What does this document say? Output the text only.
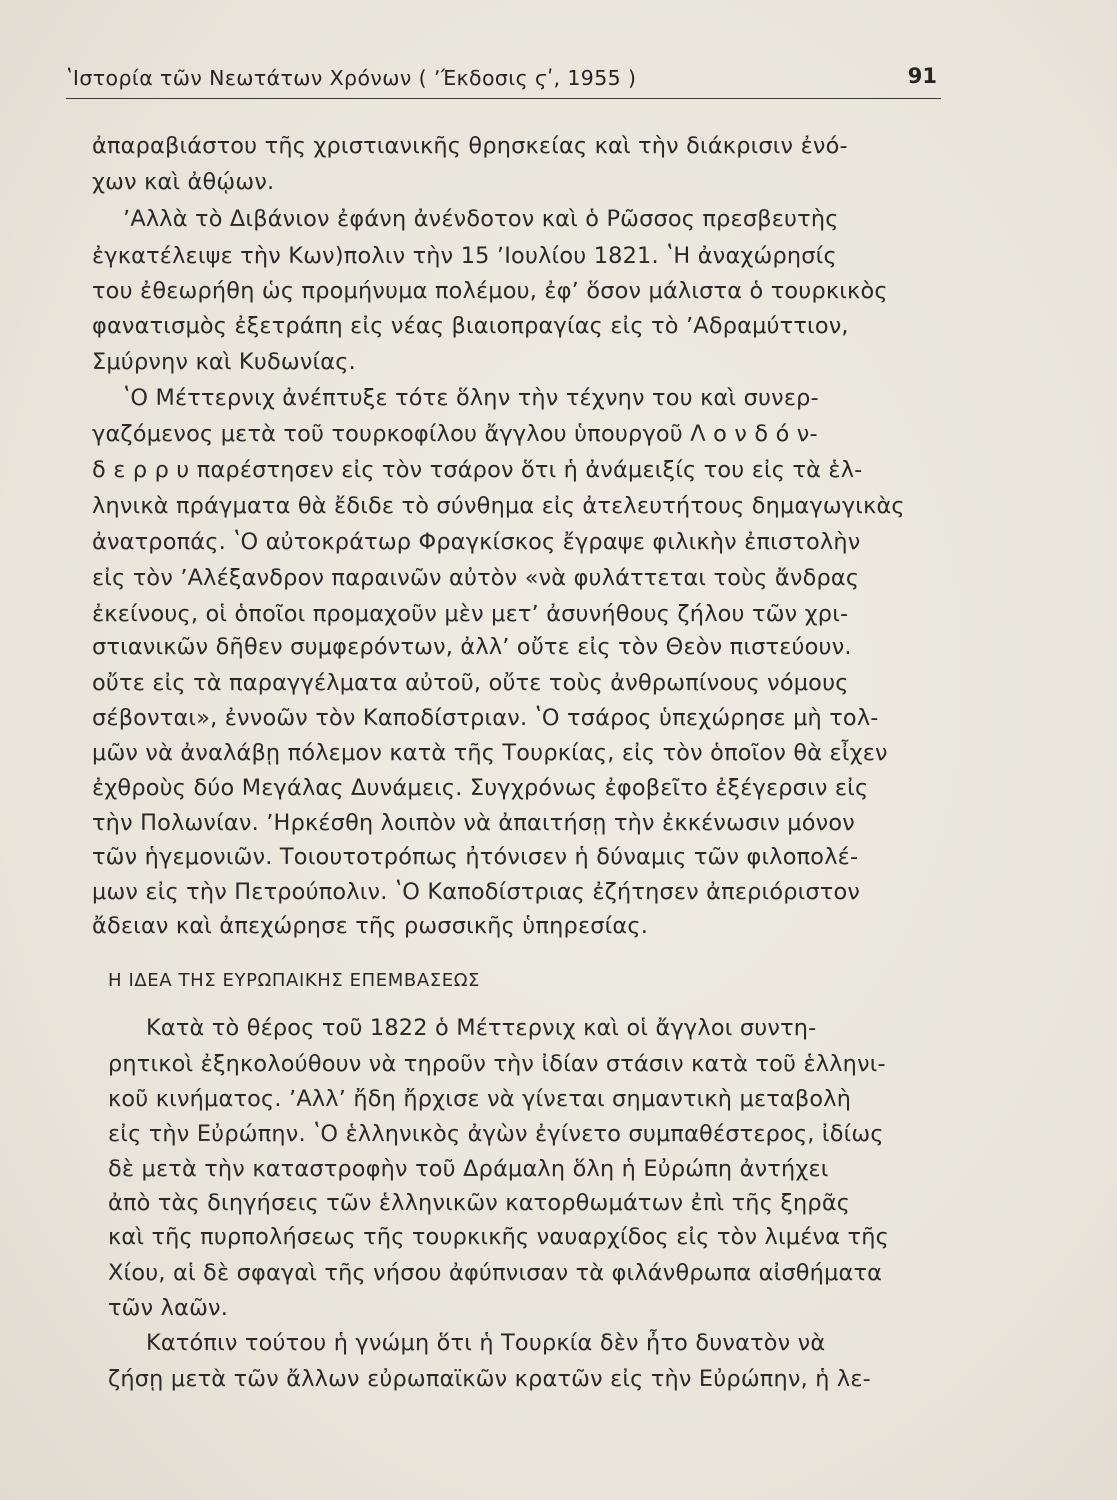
ʽΙστορία τῶν Νεωτάτων Χρόνων ( ʼΈκδοσις ϛʹ, 1955 )	91
ἀπαραβιάστου τῆς χριστιανικῆς θρησκείας καὶ τὴν διάκρισιν ἐνό-
χων καὶ ἀθῴων.
ʼΑλλὰ τὸ Διβάνιον ἐφάνη ἀνένδοτον καὶ ὁ Ρῶσσος πρεσβευτὴς
ἐγκατέλειψε τὴν Κων)πολιν τὴν 15 ʼΙουλίου 1821. ʽΗ ἀναχώρησίς
του ἐθεωρήθη ὡς προμήνυμα πολέμου, ἐφʼ ὅσον μάλιστα ὁ τουρκικὸς
φανατισμὸς ἐξετράπη εἰς νέας βιαιοπραγίας εἰς τὸ ʼΑδραμύττιον,
Σμύρνην καὶ Κυδωνίας.
ʽΟ Μέττερνιχ ἀνέπτυξε τότε ὅλην τὴν τέχνην του καὶ συνερ-
γαζόμενος μετὰ τοῦ τουρκοφίλου ἄγγλου ὑπουργοῦ Λ ο ν δ ό ν-
δ ε ρ ρ υ παρέστησεν εἰς τὸν τσάρον ὅτι ἡ ἀνάμειξίς του εἰς τὰ ἑλ-
ληνικὰ πράγματα θὰ ἔδιδε τὸ σύνθημα εἰς ἀτελευτήτους δημαγωγικὰς
ἀνατροπάς. ʽΟ αὐτοκράτωρ Φραγκίσκος ἔγραψε φιλικὴν ἐπιστολὴν
εἰς τὸν ʼΑλέξανδρον παραινῶν αὐτὸν «νὰ φυλάττεται τοὺς ἄνδρας
ἐκείνους, οἱ ὁποῖοι προμαχοῦν μὲν μετʼ ἀσυνήθους ζήλου τῶν χρι-
στιανικῶν δῆθεν συμφερόντων, ἀλλʼ οὔτε εἰς τὸν Θεὸν πιστεύουν.
οὔτε εἰς τὰ παραγγέλματα αὐτοῦ, οὔτε τοὺς ἀνθρωπίνους νόμους
σέβονται», ἐννοῶν τὸν Καποδίστριαν. ʽΟ τσάρος ὑπεχώρησε μὴ τολ-
μῶν νὰ ἀναλάβῃ πόλεμον κατὰ τῆς Τουρκίας, εἰς τὸν ὁποῖον θὰ εἶχεν
ἐχθροὺς δύο Μεγάλας Δυνάμεις. Συγχρόνως ἐφοβεῖτο ἐξέγερσιν εἰς
τὴν Πολωνίαν. ʼΗρκέσθη λοιπὸν νὰ ἀπαιτήσῃ τὴν ἐκκένωσιν μόνον
τῶν ἡγεμονιῶν. Τοιουτοτρόπως ἠτόνισεν ἡ δύναμις τῶν φιλοπολέ-
μων εἰς τὴν Πετρούπολιν. ʽΟ Καποδίστριας ἐζήτησεν ἀπεριόριστον
ἄδειαν καὶ ἀπεχώρησε τῆς ρωσσικῆς ὑπηρεσίας.
Η ΙΔΕΑ ΤΗΣ ΕΥΡΩΠΑΙΚΗΣ ΕΠΕΜΒΑΣΕΩΣ
Κατὰ τὸ θέρος τοῦ 1822 ὁ Μέττερνιχ καὶ οἱ ἄγγλοι συντη-
ρητικοὶ ἐξηκολούθουν νὰ τηροῦν τὴν ἰδίαν στάσιν κατὰ τοῦ ἑλληνι-
κοῦ κινήματος. ʼΑλλʼ ἤδη ἤρχισε νὰ γίνεται σημαντικὴ μεταβολὴ
εἰς τὴν Εὐρώπην. ʽΟ ἑλληνικὸς ἀγὼν ἐγίνετο συμπαθέστερος, ἰδίως
δὲ μετὰ τὴν καταστροφὴν τοῦ Δράμαλη ὅλη ἡ Εὐρώπη ἀντήχει
ἀπὸ τὰς διηγήσεις τῶν ἑλληνικῶν κατορθωμάτων ἐπὶ τῆς ξηρᾶς
καὶ τῆς πυρπολήσεως τῆς τουρκικῆς ναυαρχίδος εἰς τὸν λιμένα τῆς
Χίου, αἱ δὲ σφαγαὶ τῆς νήσου ἀφύπνισαν τὰ φιλάνθρωπα αἰσθήματα
τῶν λαῶν.
Κατόπιν τούτου ἡ γνώμη ὅτι ἡ Τουρκία δὲν ἦτο δυνατὸν νὰ
ζήσῃ μετὰ τῶν ἄλλων εὐρωπαϊκῶν κρατῶν εἰς τὴν Εὐρώπην, ἡ λε-
